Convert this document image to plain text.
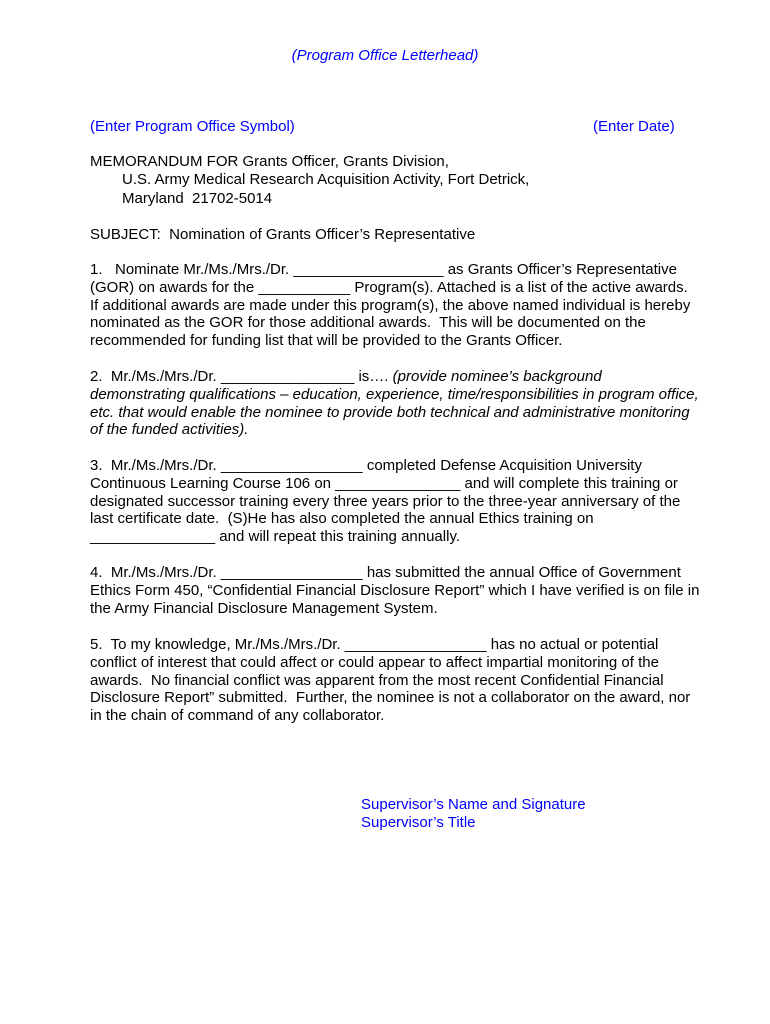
(Program Office Letterhead)
(Enter Program Office Symbol)	(Enter Date)
MEMORANDUM FOR Grants Officer, Grants Division,
U.S. Army Medical Research Acquisition Activity, Fort Detrick,
Maryland  21702-5014
SUBJECT:  Nomination of Grants Officer’s Representative
1.   Nominate Mr./Ms./Mrs./Dr. __________________ as Grants Officer’s Representative
(GOR) on awards for the ___________ Program(s). Attached is a list of the active awards.
If additional awards are made under this program(s), the above named individual is hereby
nominated as the GOR for those additional awards.  This will be documented on the
recommended for funding list that will be provided to the Grants Officer.
2.  Mr./Ms./Mrs./Dr. ________________ is…. (provide nominee’s background
demonstrating qualifications – education, experience, time/responsibilities in program office,
etc. that would enable the nominee to provide both technical and administrative monitoring
of the funded activities).
3.  Mr./Ms./Mrs./Dr. _________________ completed Defense Acquisition University
Continuous Learning Course 106 on _______________ and will complete this training or
designated successor training every three years prior to the three-year anniversary of the
last certificate date.  (S)He has also completed the annual Ethics training on
_______________ and will repeat this training annually.
4.  Mr./Ms./Mrs./Dr. _________________ has submitted the annual Office of Government
Ethics Form 450, “Confidential Financial Disclosure Report” which I have verified is on file in
the Army Financial Disclosure Management System.
5.  To my knowledge, Mr./Ms./Mrs./Dr. _________________ has no actual or potential
conflict of interest that could affect or could appear to affect impartial monitoring of the
awards.  No financial conflict was apparent from the most recent Confidential Financial
Disclosure Report” submitted.  Further, the nominee is not a collaborator on the award, nor
in the chain of command of any collaborator.
Supervisor’s Name and Signature
Supervisor’s Title
